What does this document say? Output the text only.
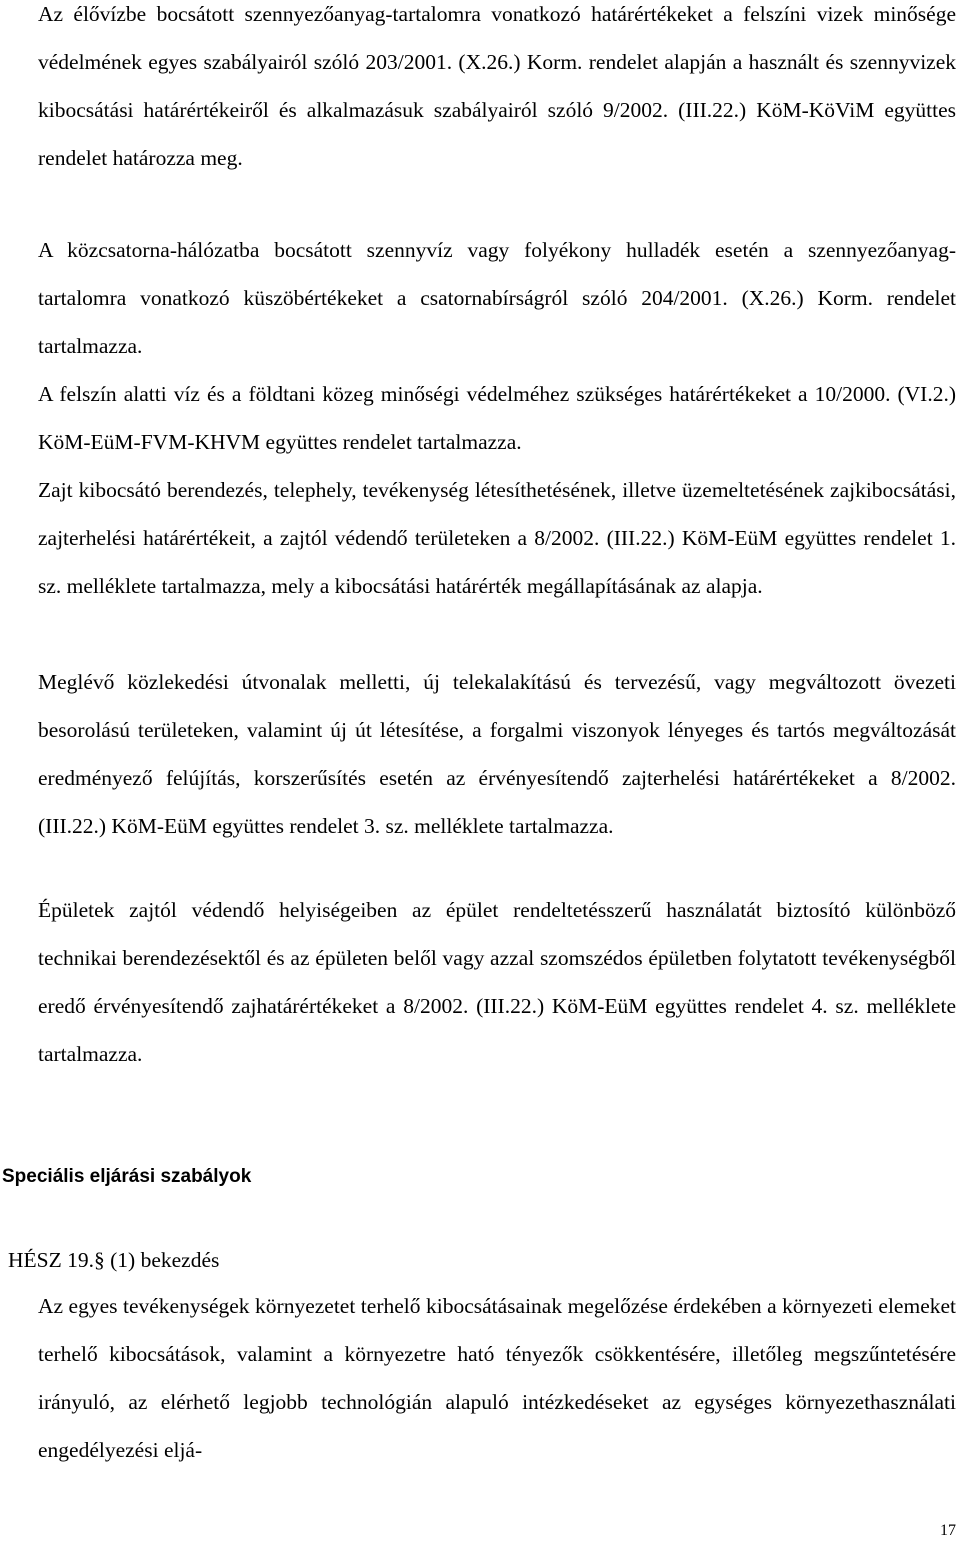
Az élővízbe bocsátott szennyezőanyag-tartalomra vonatkozó határértékeket a felszíni vizek minősége védelmének egyes szabályairól szóló 203/2001. (X.26.) Korm. rendelet alapján a használt és szennyvizek kibocsátási határértékeiről és alkalmazásuk szabályairól szóló 9/2002. (III.22.) KöM-KöViM együttes rendelet határozza meg.

A közcsatorna-hálózatba bocsátott szennyvíz vagy folyékony hulladék esetén a szennyezőanyag-tartalomra vonatkozó küszöbértékeket a csatornabírságról szóló 204/2001. (X.26.) Korm. rendelet tartalmazza.

A felszín alatti víz és a földtani közeg minőségi védelméhez szükséges határértékeket a 10/2000. (VI.2.) KöM-EüM-FVM-KHVM együttes rendelet tartalmazza.

Zajt kibocsátó berendezés, telephely, tevékenység létesíthetésének, illetve üzemeltetésének zajkibocsátási, zajterhelési határértékeit, a zajtól védendő területeken a 8/2002. (III.22.) KöM-EüM együttes rendelet 1. sz. melléklete tartalmazza, mely a kibocsátási határérték megállapításának az alapja.

Meglévő közlekedési útvonalak melletti, új telekalakítású és tervezésű, vagy megváltozott övezeti besorolású területeken, valamint új út létesítése, a forgalmi viszonyok lényeges és tartós megváltozását eredményező felújítás, korszerűsítés esetén az érvényesítendő zajterhelési határértékeket a 8/2002. (III.22.) KöM-EüM együttes rendelet 3. sz. melléklete tartalmazza.

Épületek zajtól védendő helyiségeiben az épület rendeltetésszerű használatát biztosító különböző technikai berendezésektől és az épületen belől vagy azzal szomszédos épületben folytatott tevékenységből eredő érvényesítendő zajhatárértékeket a 8/2002. (III.22.) KöM-EüM együttes rendelet 4. sz. melléklete tartalmazza.

Speciális eljárási szabályok

HÉSZ 19.§ (1) bekezdés

Az egyes tevékenységek környezetet terhelő kibocsátásainak megelőzése érdekében a környezeti elemeket terhelő kibocsátások, valamint a környezetre ható tényezők csökkentésére, illetőleg megszűntetésére irányuló, az elérhető legjobb technológián alapuló intézkedéseket az egységes környezethasználati engedélyezési eljá-

17
